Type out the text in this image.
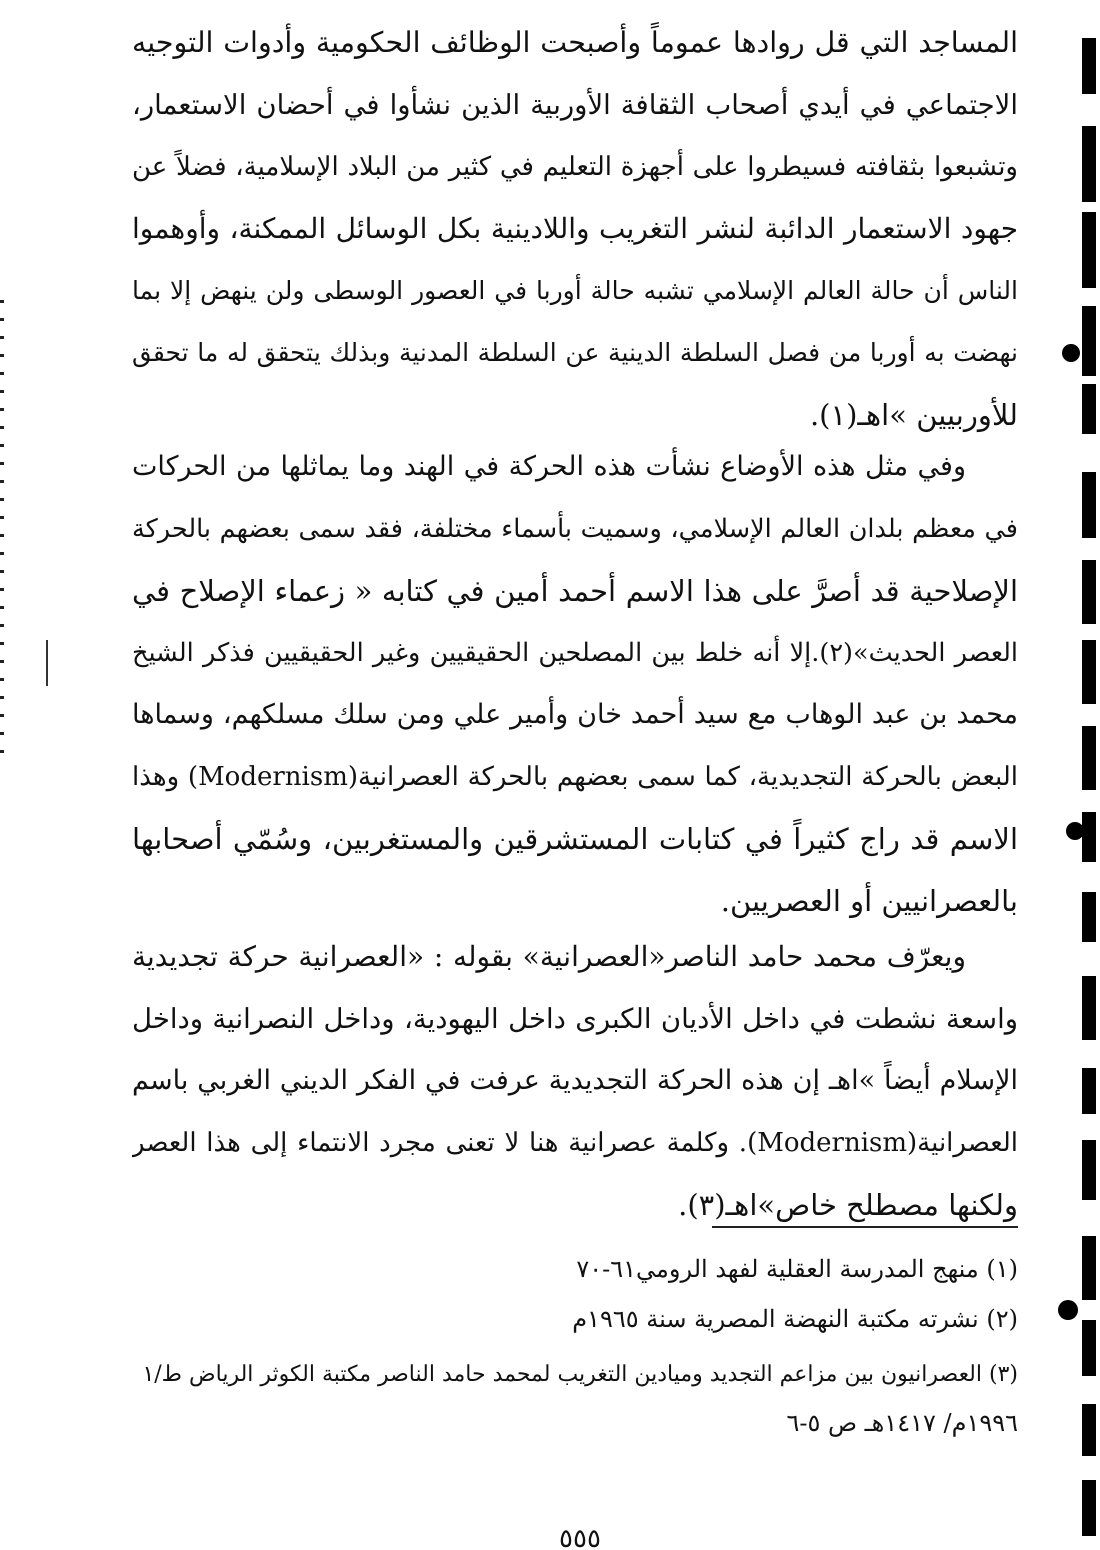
المساجد التي قل روادها عموماً وأصبحت الوظائف الحكومية وأدوات التوجيه
الاجتماعي في أيدي أصحاب الثقافة الأوربية الذين نشأوا في أحضان الاستعمار،
وتشبعوا بثقافته فسيطروا على أجهزة التعليم في كثير من البلاد الإسلامية، فضلاً عن
جهود الاستعمار الدائبة لنشر التغريب واللادينية بكل الوسائل الممكنة، وأوهموا
الناس أن حالة العالم الإسلامي تشبه حالة أوربا في العصور الوسطى ولن ينهض إلا بما
نهضت به أوربا من فصل السلطة الدينية عن السلطة المدنية وبذلك يتحقق له ما تحقق
للأوربيين »اهـ(١).
وفي مثل هذه الأوضاع نشأت هذه الحركة في الهند وما يماثلها من الحركات
في معظم بلدان العالم الإسلامي، وسميت بأسماء مختلفة، فقد سمى بعضهم بالحركة
الإصلاحية قد أصرَّ على هذا الاسم أحمد أمين في كتابه « زعماء الإصلاح في
العصر الحديث»(٢).إلا أنه خلط بين المصلحين الحقيقيين وغير الحقيقيين فذكر الشيخ
محمد بن عبد الوهاب مع سيد أحمد خان وأمير علي ومن سلك مسلكهم، وسماها
البعض بالحركة التجديدية، كما سمى بعضهم بالحركة العصرانية(Modernism) وهذا
الاسم قد راج كثيراً في كتابات المستشرقين والمستغربين، وسُمّي أصحابها
بالعصرانيين أو العصريين.
ويعرّف محمد حامد الناصر«العصرانية» بقوله : «العصرانية حركة تجديدية
واسعة نشطت في داخل الأديان الكبرى داخل اليهودية، وداخل النصرانية وداخل
الإسلام أيضاً »اهـ إن هذه الحركة التجديدية عرفت في الفكر الديني الغربي باسم
العصرانية(Modernism). وكلمة عصرانية هنا لا تعنى مجرد الانتماء إلى هذا العصر
ولكنها مصطلح خاص»اهـ(٣).
(١) منهج المدرسة العقلية لفهد الرومي٦١-٧٠
(٢) نشرته مكتبة النهضة المصرية سنة ١٩٦٥م
(٣) العصرانيون بين مزاعم التجديد وميادين التغريب لمحمد حامد الناصر مكتبة الكوثر الرياض ط/١
١٩٩٦م/ ١٤١٧هـ ص ٥-٦
٥٥٥
